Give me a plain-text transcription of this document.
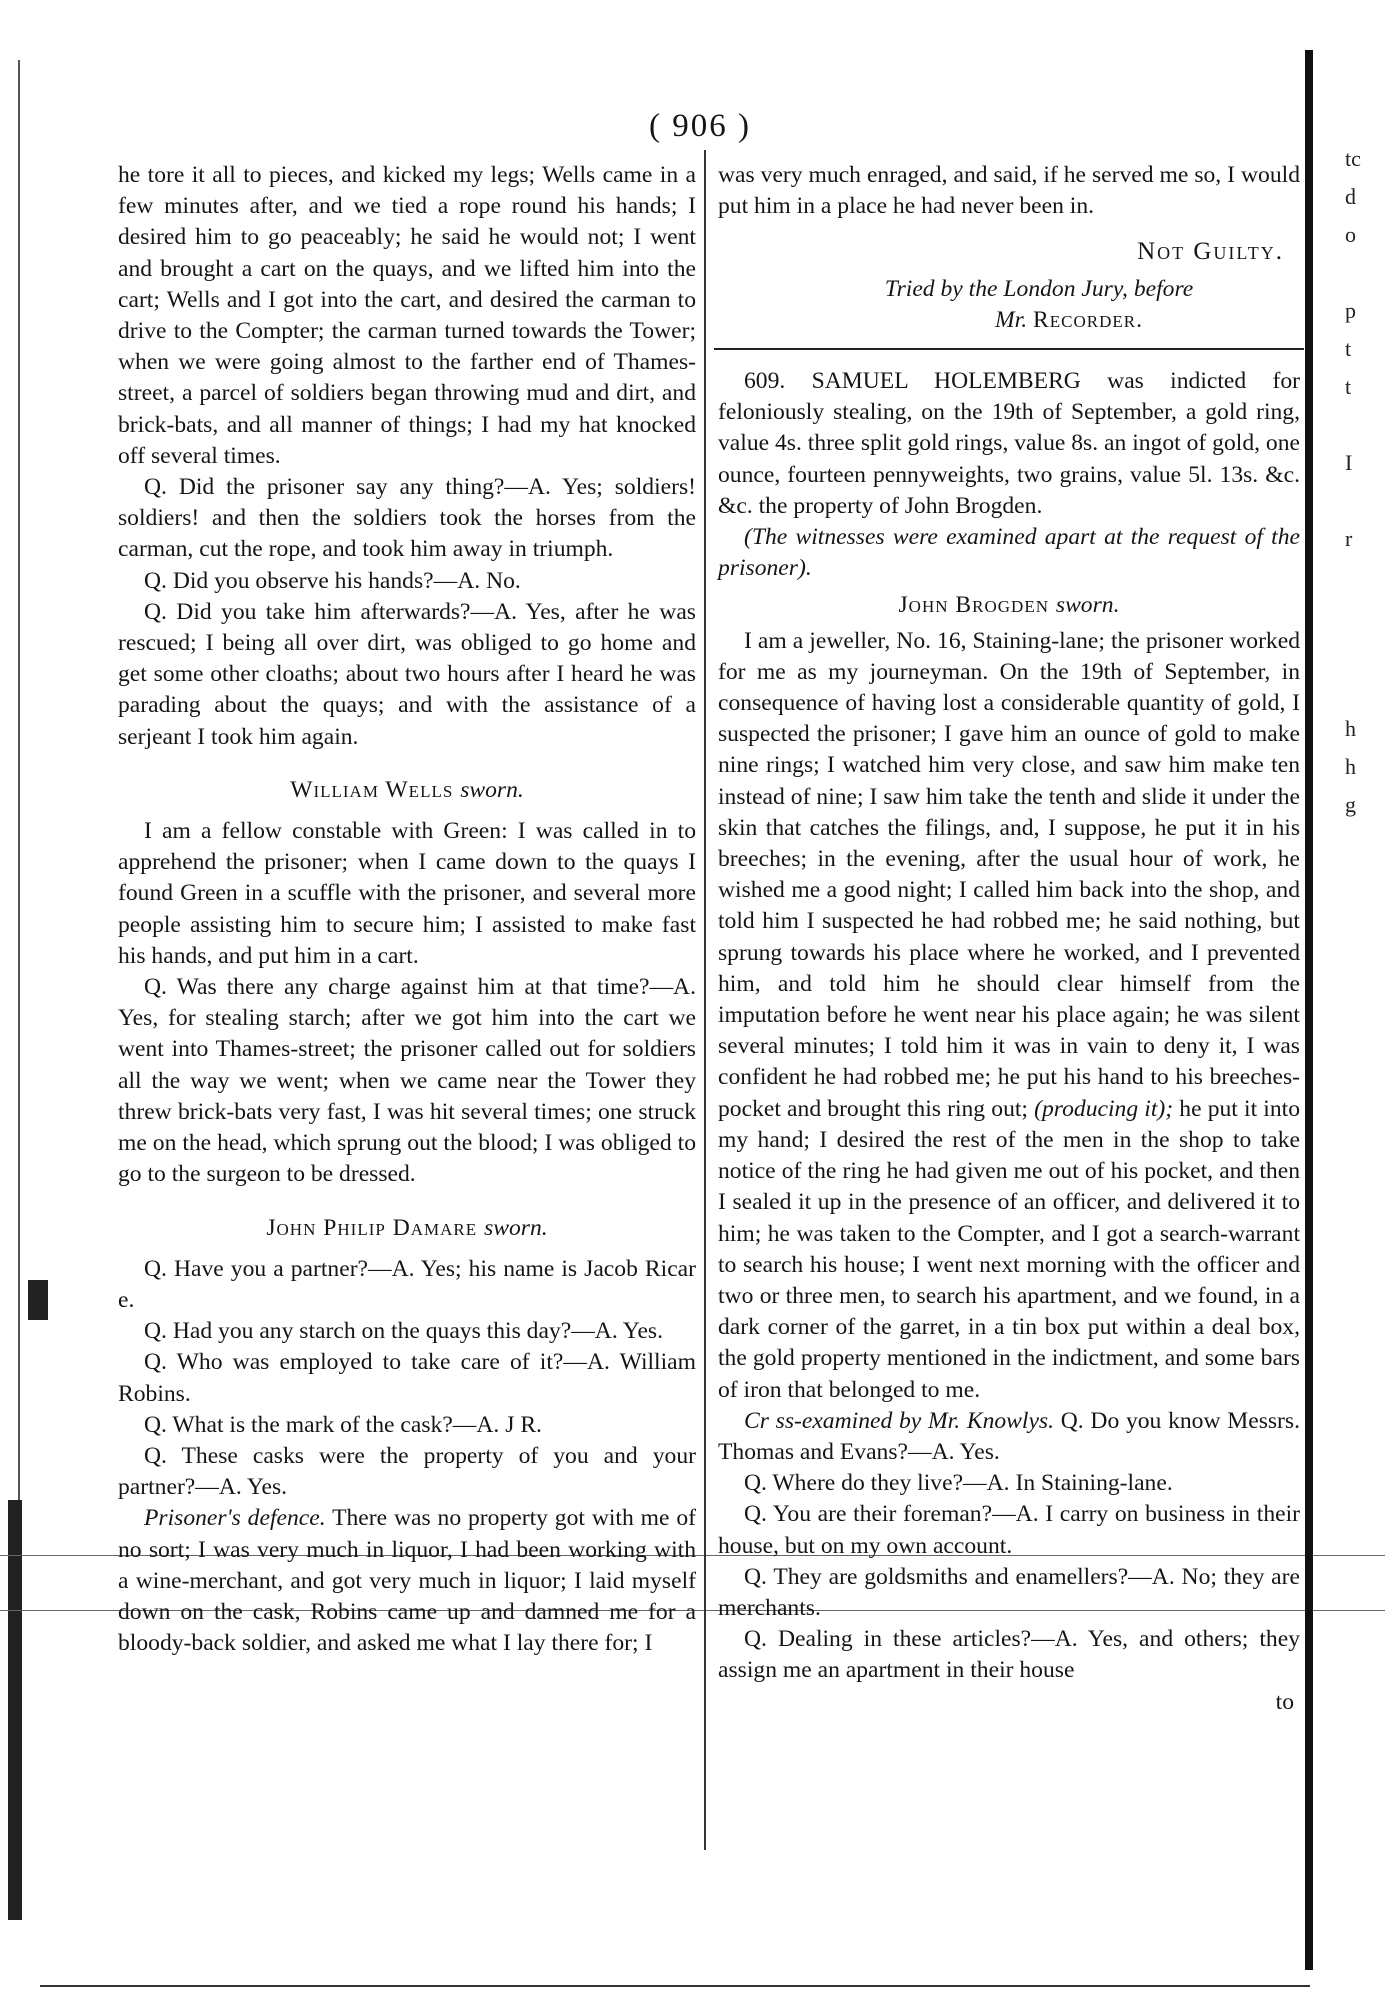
( 906 )

he tore it all to pieces, and kicked my legs; Wells came in a few minutes after, and we tied a rope round his hands; I desired him to go peaceably; he said he would not; I went and brought a cart on the quays, and we lifted him into the cart; Wells and I got into the cart, and desired the carman to drive to the Compter; the carman turned towards the Tower; when we were going almost to the farther end of Thames-street, a parcel of soldiers began throwing mud and dirt, and brick-bats, and all manner of things; I had my hat knocked off several times.

Q. Did the prisoner say any thing?—A. Yes; soldiers! soldiers! and then the soldiers took the horses from the carman, cut the rope, and took him away in triumph.

Q. Did you observe his hands?—A. No.

Q. Did you take him afterwards?—A. Yes, after he was rescued; I being all over dirt, was obliged to go home and get some other cloaths; about two hours after I heard he was parading about the quays; and with the assistance of a serjeant I took him again.

William Wells sworn.

I am a fellow constable with Green: I was called in to apprehend the prisoner; when I came down to the quays I found Green in a scuffle with the prisoner, and several more people assisting him to secure him; I assisted to make fast his hands, and put him in a cart.

Q. Was there any charge against him at that time?—A. Yes, for stealing starch; after we got him into the cart we went into Thames-street; the prisoner called out for soldiers all the way we went; when we came near the Tower they threw brick-bats very fast, I was hit several times; one struck me on the head, which sprung out the blood; I was obliged to go to the surgeon to be dressed.

John Philip Damare sworn.

Q. Have you a partner?—A. Yes; his name is Jacob Ricar e.

Q. Had you any starch on the quays this day?—A. Yes.

Q. Who was employed to take care of it?—A. William Robins.

Q. What is the mark of the cask?—A. J R.

Q. These casks were the property of you and your partner?—A. Yes.

Prisoner's defence. There was no property got with me of no sort; I was very much in liquor, I had been working with a wine-merchant, and got very much in liquor; I laid myself down on the cask, Robins came up and damned me for a bloody-back soldier, and asked me what I lay there for; I

was very much enraged, and said, if he served me so, I would put him in a place he had never been in.

Not Guilty.
Tried by the London Jury, before
Mr. Recorder.

609. SAMUEL HOLEMBERG was indicted for feloniously stealing, on the 19th of September, a gold ring, value 4s. three split gold rings, value 8s. an ingot of gold, one ounce, fourteen pennyweights, two grains, value 5l. 13s. &c. &c. the property of John Brogden.

(The witnesses were examined apart at the request of the prisoner).

John Brogden sworn.

I am a jeweller, No. 16, Staining-lane; the prisoner worked for me as my journeyman. On the 19th of September, in consequence of having lost a considerable quantity of gold, I suspected the prisoner; I gave him an ounce of gold to make nine rings; I watched him very close, and saw him make ten instead of nine; I saw him take the tenth and slide it under the skin that catches the filings, and, I suppose, he put it in his breeches; in the evening, after the usual hour of work, he wished me a good night; I called him back into the shop, and told him I suspected he had robbed me; he said nothing, but sprung towards his place where he worked, and I prevented him, and told him he should clear himself from the imputation before he went near his place again; he was silent several minutes; I told him it was in vain to deny it, I was confident he had robbed me; he put his hand to his breeches-pocket and brought this ring out; (producing it); he put it into my hand; I desired the rest of the men in the shop to take notice of the ring he had given me out of his pocket, and then I sealed it up in the presence of an officer, and delivered it to him; he was taken to the Compter, and I got a search-warrant to search his house; I went next morning with the officer and two or three men, to search his apartment, and we found, in a dark corner of the garret, in a tin box put within a deal box, the gold property mentioned in the indictment, and some bars of iron that belonged to me.

Cr ss-examined by Mr. Knowlys. Q. Do you know Messrs. Thomas and Evans?—A. Yes.

Q. Where do they live?—A. In Staining-lane.

Q. You are their foreman?—A. I carry on business in their house, but on my own account.

Q. They are goldsmiths and enamellers?—A. No; they are merchants.

Q. Dealing in these articles?—A. Yes, and others; they assign me an apartment in their house

to
tc
d
o
p
t
t
I
r
h
h
g
